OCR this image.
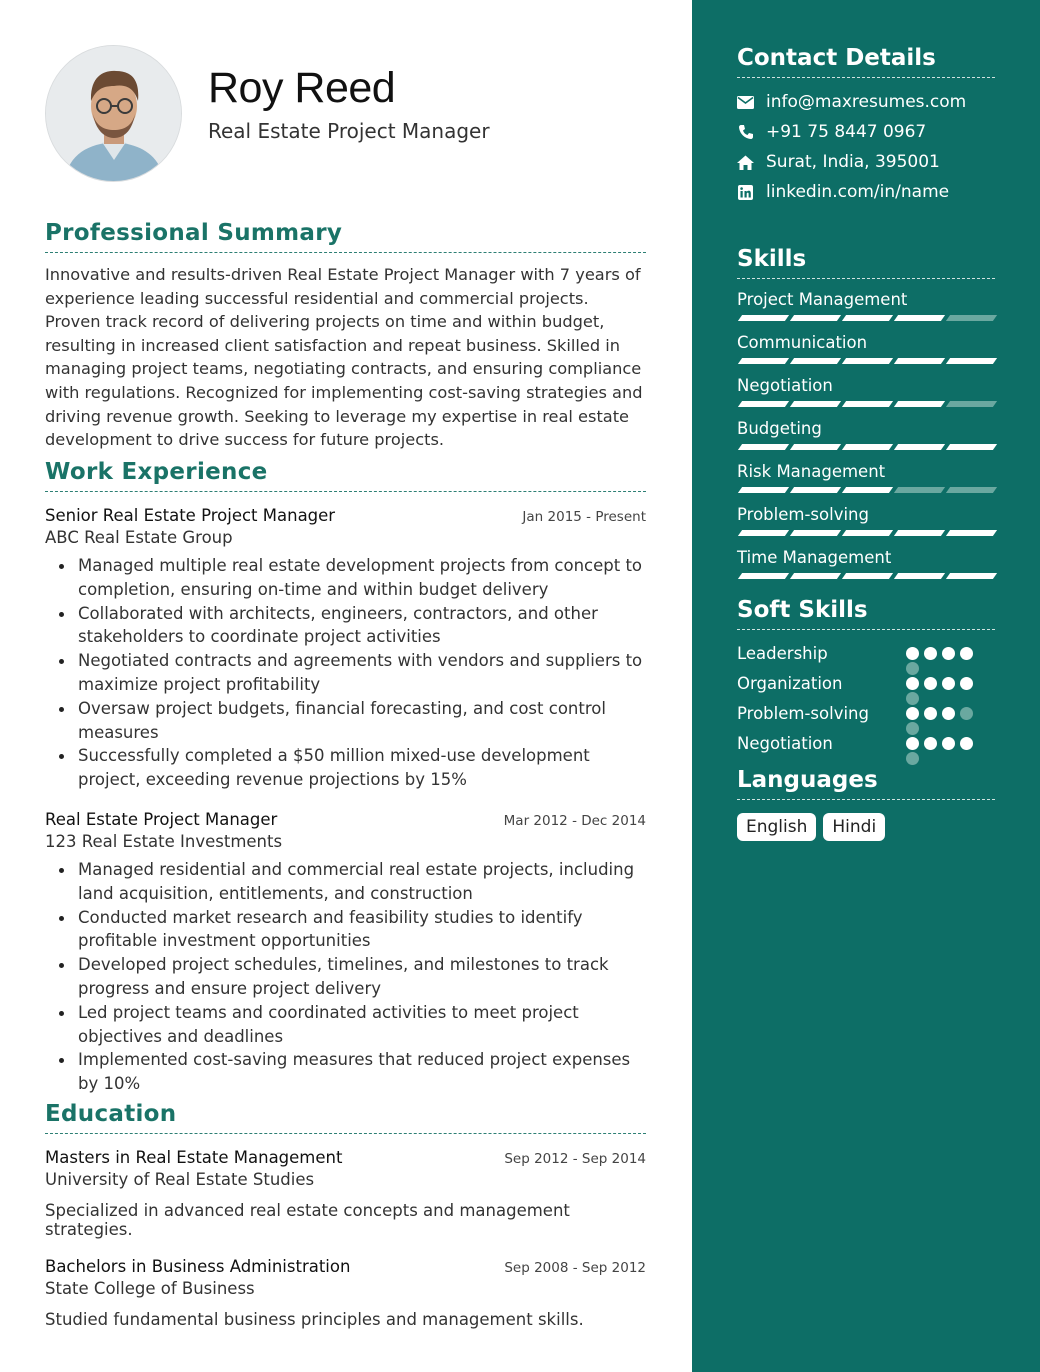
Roy Reed
Real Estate Project Manager
Professional Summary

Innovative and results-driven Real Estate Project Manager with 7 years of experience leading successful residential and commercial projects. Proven track record of delivering projects on time and within budget, resulting in increased client satisfaction and repeat business. Skilled in managing project teams, negotiating contracts, and ensuring compliance with regulations. Recognized for implementing cost-saving strategies and driving revenue growth. Seeking to leverage my expertise in real estate development to drive success for future projects.

Work Experience
Senior Real Estate Project Manager	Jan 2015 - Present
ABC Real Estate Group
Managed multiple real estate development projects from concept to completion, ensuring on-time and within budget delivery
Collaborated with architects, engineers, contractors, and other stakeholders to coordinate project activities
Negotiated contracts and agreements with vendors and suppliers to maximize project profitability
Oversaw project budgets, financial forecasting, and cost control measures
Successfully completed a $50 million mixed-use development project, exceeding revenue projections by 15%
Real Estate Project Manager	Mar 2012 - Dec 2014
123 Real Estate Investments
Managed residential and commercial real estate projects, including land acquisition, entitlements, and construction
Conducted market research and feasibility studies to identify profitable investment opportunities
Developed project schedules, timelines, and milestones to track progress and ensure project delivery
Led project teams and coordinated activities to meet project objectives and deadlines
Implemented cost-saving measures that reduced project expenses by 10%
Education
Masters in Real Estate Management	Sep 2012 - Sep 2014
University of Real Estate Studies
Specialized in advanced real estate concepts and management strategies.
Bachelors in Business Administration	Sep 2008 - Sep 2012
State College of Business
Studied fundamental business principles and management skills.
Contact Details
info@maxresumes.com
+91 75 8447 0967
Surat, India, 395001
linkedin.com/in/name
Skills
Project Management
Communication
Negotiation
Budgeting
Risk Management
Problem-solving
Time Management
Soft Skills
Leadership
Organization
Problem-solving
Negotiation
Languages
English	Hindi
